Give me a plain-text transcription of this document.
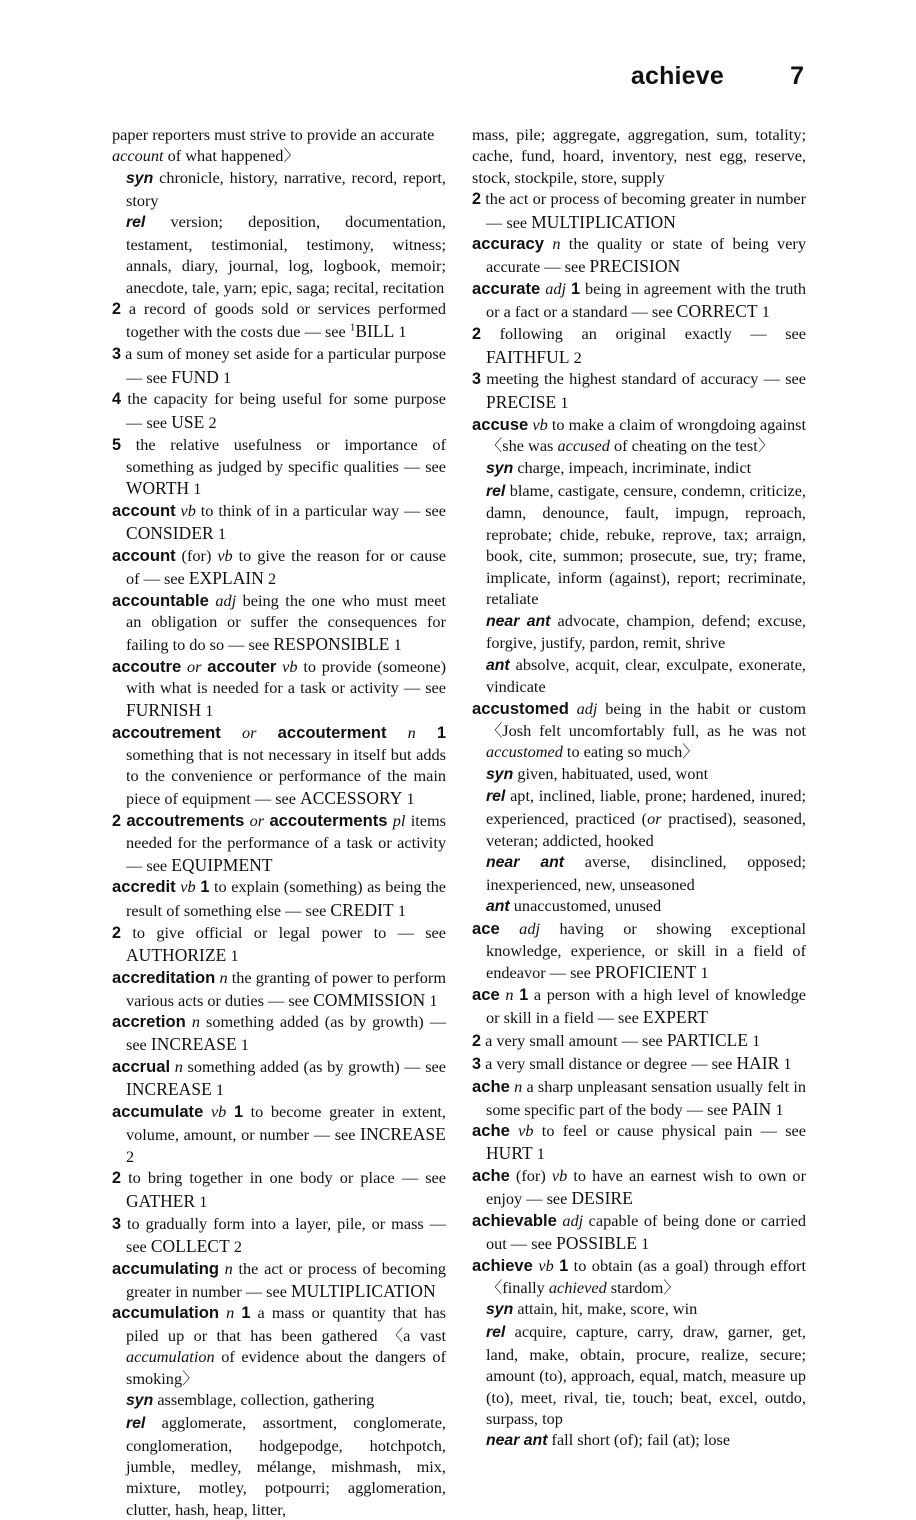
achieve	7

paper reporters must strive to provide an accurate

account of what happened〉

syn chronicle, history, narrative, record, report, story

rel version; deposition, documentation, testament, testimonial, testimony, witness; annals, diary, journal, log, logbook, memoir; anecdote, tale, yarn; epic, saga; recital, recitation

2 a record of goods sold or services performed together with the costs due — see $^1$BILL 1

3 a sum of money set aside for a particular purpose — see FUND 1

4 the capacity for being useful for some purpose — see USE 2

5 the relative usefulness or importance of something as judged by specific qualities — see WORTH 1

account vb to think of in a particular way — see CONSIDER 1

account (for) vb to give the reason for or cause of — see EXPLAIN 2

accountable adj being the one who must meet an obligation or suffer the consequences for failing to do so — see RESPONSIBLE 1

accoutre or accouter vb to provide (someone) with what is needed for a task or activity — see FURNISH 1

accoutrement or accouterment n 1 something that is not necessary in itself but adds to the convenience or performance of the main piece of equipment — see ACCESSORY 1

2 accoutrements or accouterments pl items needed for the performance of a task or activity — see EQUIPMENT

accredit vb 1 to explain (something) as being the result of something else — see CREDIT 1

2 to give official or legal power to — see AUTHORIZE 1

accreditation n the granting of power to perform various acts or duties — see COMMISSION 1

accretion n something added (as by growth) — see INCREASE 1

accrual n something added (as by growth) — see INCREASE 1

accumulate vb 1 to become greater in extent, volume, amount, or number — see INCREASE 2

2 to bring together in one body or place — see GATHER 1

3 to gradually form into a layer, pile, or mass — see COLLECT 2

accumulating n the act or process of becoming greater in number — see MULTIPLICATION

accumulation n 1 a mass or quantity that has piled up or that has been gathered 〈a vast accumulation of evidence about the dangers of smoking〉

syn assemblage, collection, gathering

rel agglomerate, assortment, conglomerate, conglomeration, hodgepodge, hotchpotch, jumble, medley, mélange, mishmash, mix, mixture, motley, potpourri; agglomeration, clutter, hash, heap, litter,

mass, pile; aggregate, aggregation, sum, totality; cache, fund, hoard, inventory, nest egg, reserve, stock, stockpile, store, supply

2 the act or process of becoming greater in number — see MULTIPLICATION

accuracy n the quality or state of being very accurate — see PRECISION

accurate adj 1 being in agreement with the truth or a fact or a standard — see CORRECT 1

2 following an original exactly — see FAITHFUL 2

3 meeting the highest standard of accuracy — see PRECISE 1

accuse vb to make a claim of wrongdoing against 〈she was accused of cheating on the test〉

syn charge, impeach, incriminate, indict

rel blame, castigate, censure, condemn, criticize, damn, denounce, fault, impugn, reproach, reprobate; chide, rebuke, reprove, tax; arraign, book, cite, summon; prosecute, sue, try; frame, implicate, inform (against), report; recriminate, retaliate

near ant advocate, champion, defend; excuse, forgive, justify, pardon, remit, shrive

ant absolve, acquit, clear, exculpate, exonerate, vindicate

accustomed adj being in the habit or custom 〈Josh felt uncomfortably full, as he was not accustomed to eating so much〉

syn given, habituated, used, wont

rel apt, inclined, liable, prone; hardened, inured; experienced, practiced (or practised), seasoned, veteran; addicted, hooked

near ant averse, disinclined, opposed; inexperienced, new, unseasoned

ant unaccustomed, unused

ace adj having or showing exceptional knowledge, experience, or skill in a field of endeavor — see PROFICIENT 1

ace n 1 a person with a high level of knowledge or skill in a field — see EXPERT

2 a very small amount — see PARTICLE 1

3 a very small distance or degree — see HAIR 1

ache n a sharp unpleasant sensation usually felt in some specific part of the body — see PAIN 1

ache vb to feel or cause physical pain — see HURT 1

ache (for) vb to have an earnest wish to own or enjoy — see DESIRE

achievable adj capable of being done or carried out — see POSSIBLE 1

achieve vb 1 to obtain (as a goal) through effort 〈finally achieved stardom〉

syn attain, hit, make, score, win

rel acquire, capture, carry, draw, garner, get, land, make, obtain, procure, realize, secure; amount (to), approach, equal, match, measure up (to), meet, rival, tie, touch; beat, excel, outdo, surpass, top

near ant fall short (of); fail (at); lose
